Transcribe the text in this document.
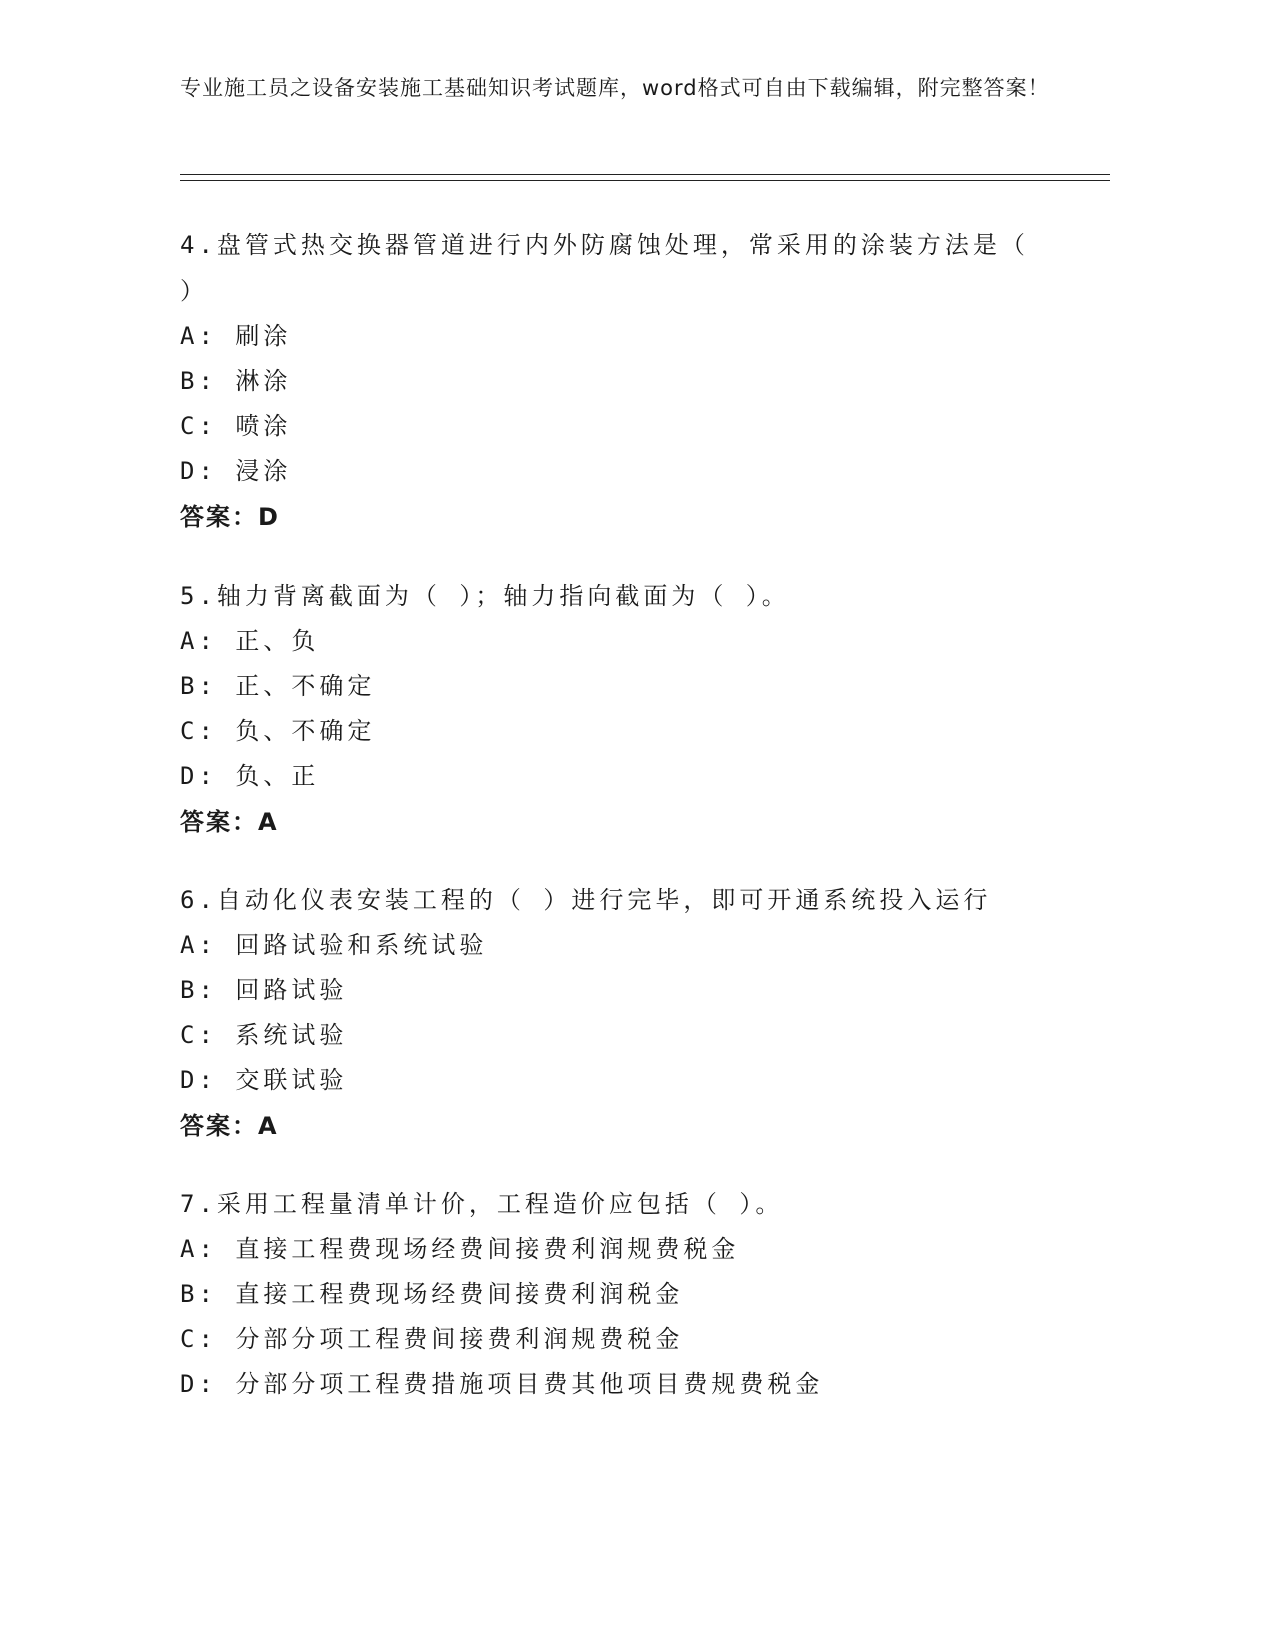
专业施工员之设备安装施工基础知识考试题库，word格式可自由下载编辑，附完整答案！
4.盘管式热交换器管道进行内外防腐蚀处理，常采用的涂装方法是（
）
A: 刷涂
B: 淋涂
C: 喷涂
D: 浸涂
答案：D
5.轴力背离截面为（ ）；轴力指向截面为（ ）。
A: 正、负
B: 正、不确定
C: 负、不确定
D: 负、正
答案：A
6.自动化仪表安装工程的（ ）进行完毕，即可开通系统投入运行
A: 回路试验和系统试验
B: 回路试验
C: 系统试验
D: 交联试验
答案：A
7.采用工程量清单计价，工程造价应包括（ ）。
A: 直接工程费现场经费间接费利润规费税金
B: 直接工程费现场经费间接费利润税金
C: 分部分项工程费间接费利润规费税金
D: 分部分项工程费措施项目费其他项目费规费税金
